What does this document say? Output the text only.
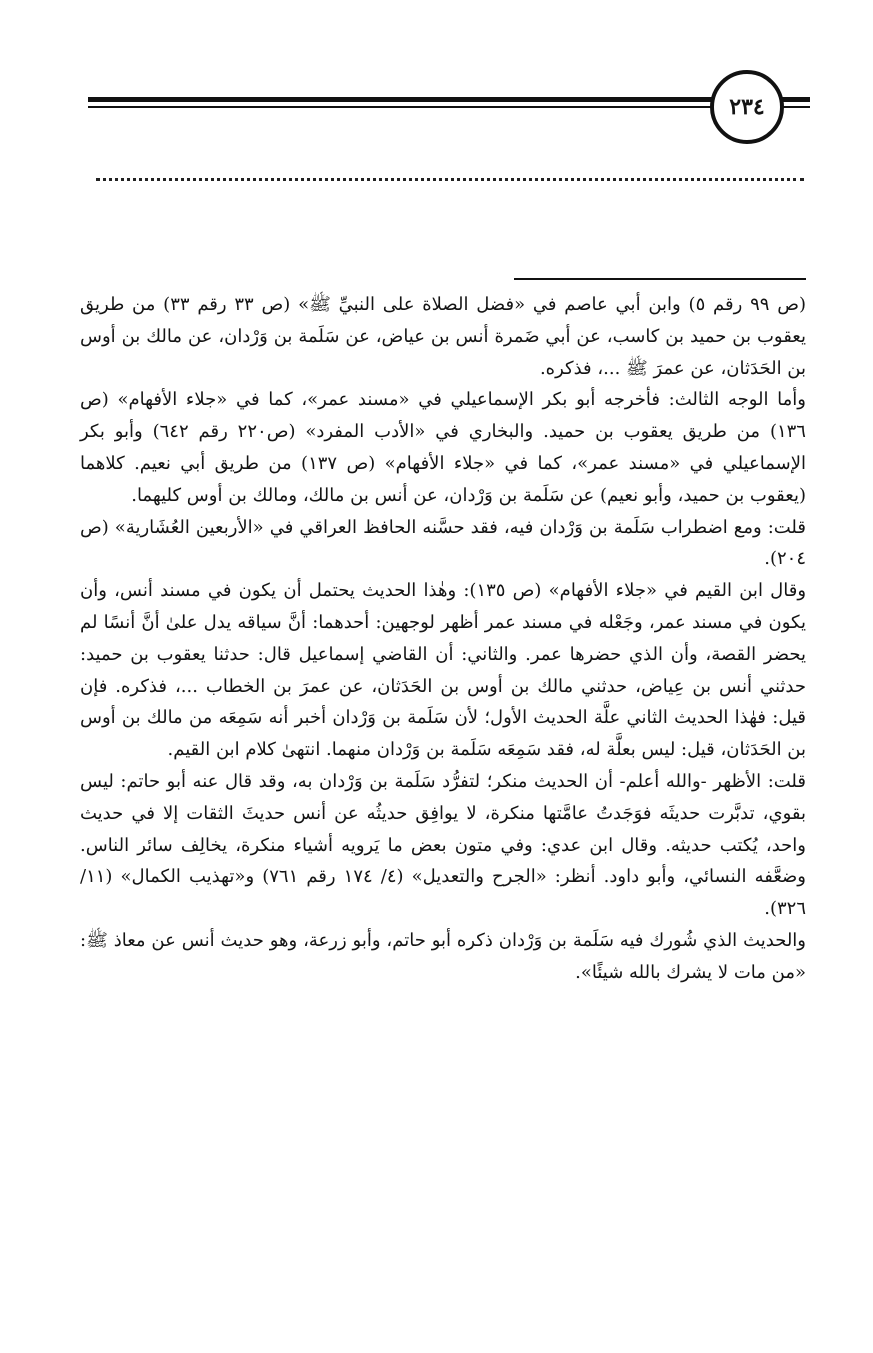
٢٣٤

(ص ٩٩ رقم ٥) وابن أبي عاصم في «فضل الصلاة على النبيِّ ﷺ» (ص ٣٣ رقم ٣٣) من طريق يعقوب بن حميد بن كاسب، عن أبي ضَمرة أنس بن عياض، عن سَلَمة بن وَرْدان، عن مالك بن أوس بن الحَدَثان، عن عمرَ ﷺ ...، فذكره.

وأما الوجه الثالث: فأخرجه أبو بكر الإسماعيلي في «مسند عمر»، كما في «جلاء الأفهام» (ص ١٣٦) من طريق يعقوب بن حميد. والبخاري في «الأدب المفرد» (ص٢٢٠ رقم ٦٤٢) وأبو بكر الإسماعيلي في «مسند عمر»، كما في «جلاء الأفهام» (ص ١٣٧) من طريق أبي نعيم. كلاهما (يعقوب بن حميد، وأبو نعيم) عن سَلَمة بن وَرْدان، عن أنس بن مالك، ومالك بن أوس كليهما.

قلت: ومع اضطراب سَلَمة بن وَرْدان فيه، فقد حسَّنه الحافظ العراقي في «الأربعين العُشَارية» (ص ٢٠٤).

وقال ابن القيم في «جلاء الأفهام» (ص ١٣٥): وهٰذا الحديث يحتمل أن يكون في مسند أنس، وأن يكون في مسند عمر، وجَعْله في مسند عمر أظهر لوجهين: أحدهما: أنَّ سياقه يدل علىٰ أنَّ أنسًا لم يحضر القصة، وأن الذي حضرها عمر. والثاني: أن القاضي إسماعيل قال: حدثنا يعقوب بن حميد: حدثني أنس بن عِياض، حدثني مالك بن أوس بن الحَدَثان، عن عمرَ بن الخطاب ...، فذكره. فإن قيل: فهٰذا الحديث الثاني علَّة الحديث الأول؛ لأن سَلَمة بن وَرْدان أخبر أنه سَمِعَه من مالك بن أوس بن الحَدَثان، قيل: ليس بعلَّة له، فقد سَمِعَه سَلَمة بن وَرْدان منهما. انتهىٰ كلام ابن القيم.

قلت: الأظهر -والله أعلم- أن الحديث منكر؛ لتفرُّد سَلَمة بن وَرْدان به، وقد قال عنه أبو حاتم: ليس بقوي، تدبَّرت حديثَه فوَجَدتُ عامَّتها منكرة، لا يوافِق حديثُه عن أنس حديثَ الثقات إلا في حديث واحد، يُكتب حديثه. وقال ابن عدي: وفي متون بعض ما يَرويه أشياء منكرة، يخالِف سائر الناس. وضعَّفه النسائي، وأبو داود. أنظر: «الجرح والتعديل» (٤/ ١٧٤ رقم ٧٦١) و«تهذيب الكمال» (١١/ ٣٢٦).

والحديث الذي شُورك فيه سَلَمة بن وَرْدان ذكره أبو حاتم، وأبو زرعة، وهو حديث أنس عن معاذ ﷺ: «من مات لا يشرك بالله شيئًا».
